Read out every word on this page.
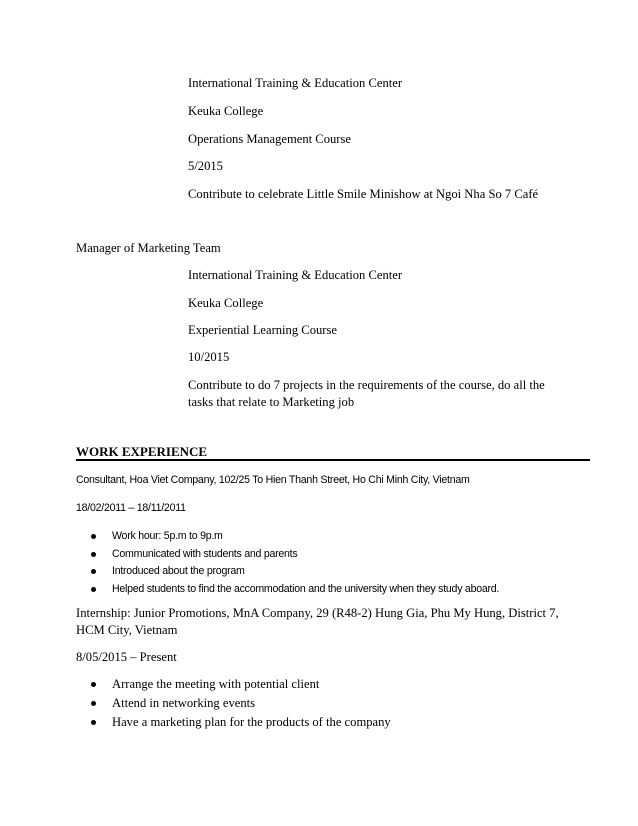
International Training & Education Center
Keuka College
Operations Management Course
5/2015
Contribute to celebrate Little Smile Minishow at Ngoi Nha So 7 Café
Manager of Marketing Team
International Training & Education Center
Keuka College
Experiential Learning Course
10/2015
Contribute to do 7 projects in the requirements of the course, do all the
tasks that relate to Marketing job
WORK EXPERIENCE
Consultant, Hoa Viet Company, 102/25 To Hien Thanh Street, Ho Chi Minh City, Vietnam
18/02/2011 – 18/11/2011
Work hour: 5p.m to 9p.m
Communicated with students and parents
Introduced about the program
Helped students to find the accommodation and the university when they study aboard.
Internship: Junior Promotions, MnA Company, 29 (R48-2) Hung Gia, Phu My Hung, District 7,
HCM City, Vietnam
8/05/2015 – Present
Arrange the meeting with potential client
Attend in networking events
Have a marketing plan for the products of the company
